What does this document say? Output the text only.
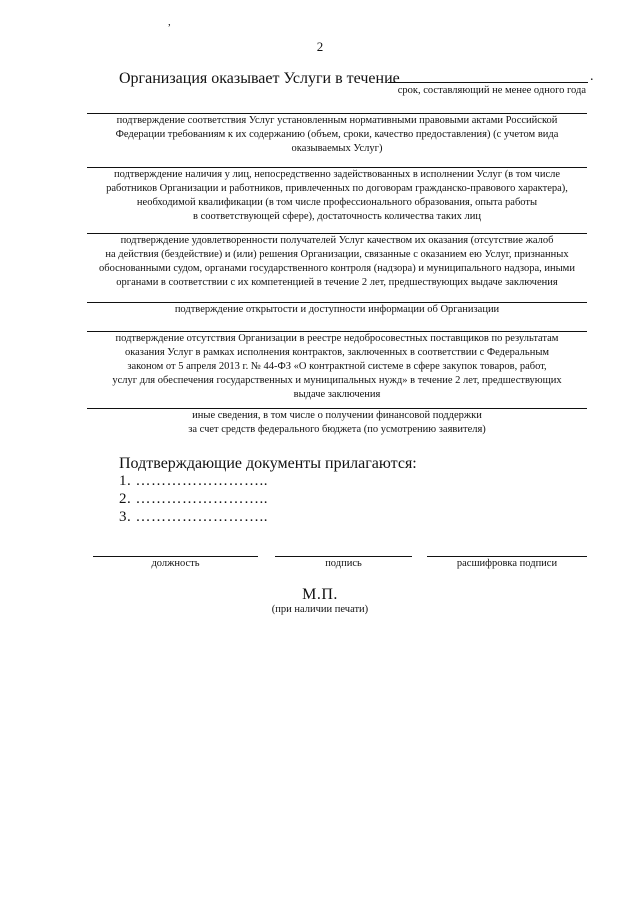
,
2
Организация оказывает Услуги в течение	.
срок, составляющий не менее одного года
подтверждение соответствия Услуг установленным нормативными правовыми актами Российской
Федерации требованиям к их содержанию (объем, сроки, качество предоставления) (с учетом вида
оказываемых Услуг)
подтверждение наличия у лиц, непосредственно задействованных в исполнении Услуг (в том числе
работников Организации и работников, привлеченных по договорам гражданско-правового характера),
необходимой квалификации (в том числе профессионального образования, опыта работы
в соответствующей сфере), достаточность количества таких лиц
подтверждение удовлетворенности получателей Услуг качеством их оказания (отсутствие жалоб
на действия (бездействие) и (или) решения Организации, связанные с оказанием ею Услуг, признанных
обоснованными судом, органами государственного контроля (надзора) и муниципального надзора, иными
органами в соответствии с их компетенцией в течение 2 лет, предшествующих выдаче заключения
подтверждение открытости и доступности информации об Организации
подтверждение отсутствия Организации в реестре недобросовестных поставщиков по результатам
оказания Услуг в рамках исполнения контрактов, заключенных в соответствии с Федеральным
законом от 5 апреля 2013 г. № 44-ФЗ «О контрактной системе в сфере закупок товаров, работ,
услуг для обеспечения государственных и муниципальных нужд» в течение 2 лет, предшествующих
выдаче заключения
иные сведения, в том числе о получении финансовой поддержки
за счет средств федерального бюджета (по усмотрению заявителя)
Подтверждающие документы прилагаются:
1. ……………………..
2. ……………………..
3. ……………………..
должность	подпись	расшифровка подписи
М.П.
(при наличии печати)
